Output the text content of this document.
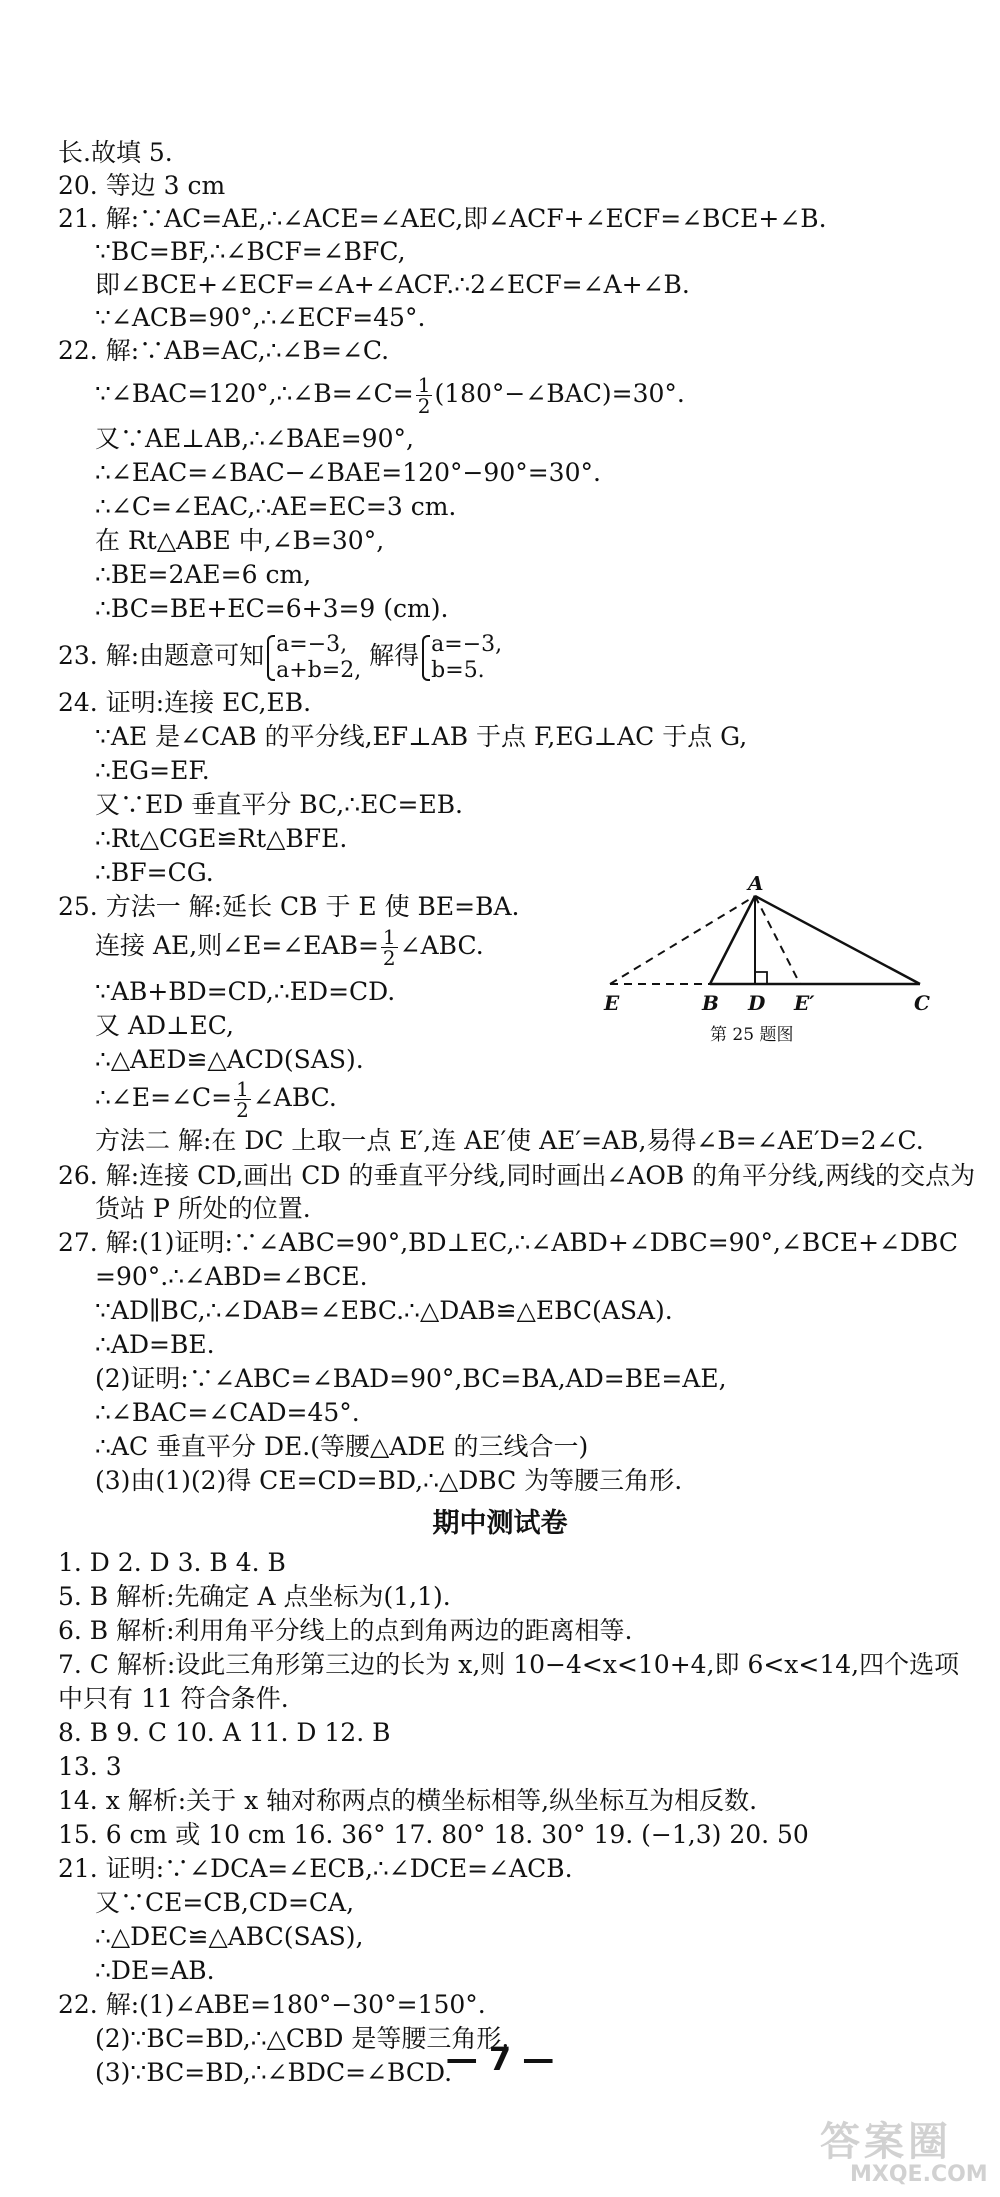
长.故填 5.
20. 等边 3 cm
21. 解:∵AC=AE,∴∠ACE=∠AEC,即∠ACF+∠ECF=∠BCE+∠B.
∵BC=BF,∴∠BCF=∠BFC,
即∠BCE+∠ECF=∠A+∠ACF.∴2∠ECF=∠A+∠B.
∵∠ACB=90°,∴∠ECF=45°.
22. 解:∵AB=AC,∴∠B=∠C.
∵∠BAC=120°,∴∠B=∠C= $\frac{1}{2}$ (180°−∠BAC)=30°.
又∵AE⊥AB,∴∠BAE=90°,
∴∠EAC=∠BAC−∠BAE=120°−90°=30°.
∴∠C=∠EAC,∴AE=EC=3 cm.
在 Rt△ABE 中,∠B=30°,
∴BE=2AE=6 cm,
∴BC=BE+EC=6+3=9 (cm).
23. 解:由题意可知 a=−3,
a+b=2, 解得 a=−3,
b=5.
24. 证明:连接 EC,EB.
∵AE 是∠CAB 的平分线,EF⊥AB 于点 F,EG⊥AC 于点 G,
∴EG=EF.
又∵ED 垂直平分 BC,∴EC=EB.
∴Rt△CGE≌Rt△BFE.
∴BF=CG.
25. 方法一 解:延长 CB 于 E 使 BE=BA.
连接 AE,则∠E=∠EAB= $\frac{1}{2}$ ∠ABC.
∵AB+BD=CD,∴ED=CD.
又 AD⊥EC,
∴△AED≌△ACD(SAS).
∴∠E=∠C= $\frac{1}{2}$ ∠ABC.
方法二 解:在 DC 上取一点 E′,连 AE′使 AE′=AB,易得∠B=∠AE′D=2∠C.
26. 解:连接 CD,画出 CD 的垂直平分线,同时画出∠AOB 的角平分线,两线的交点为
货站 P 所处的位置.
27. 解:(1)证明:∵∠ABC=90°,BD⊥EC,∴∠ABD+∠DBC=90°,∠BCE+∠DBC
=90°.∴∠ABD=∠BCE.
∵AD∥BC,∴∠DAB=∠EBC.∴△DAB≌△EBC(ASA).
∴AD=BE.
(2)证明:∵∠ABC=∠BAD=90°,BC=BA,AD=BE=AE,
∴∠BAC=∠CAD=45°.
∴AC 垂直平分 DE.(等腰△ADE 的三线合一)
(3)由(1)(2)得 CE=CD=BD,∴△DBC 为等腰三角形.
期中测试卷
1. D 2. D 3. B 4. B
5. B 解析:先确定 A 点坐标为(1,1).
6. B 解析:利用角平分线上的点到角两边的距离相等.
7. C 解析:设此三角形第三边的长为 x,则 10−4<x<10+4,即 6<x<14,四个选项
中只有 11 符合条件.
8. B 9. C 10. A 11. D 12. B
13. 3
14. x 解析:关于 x 轴对称两点的横坐标相等,纵坐标互为相反数.
15. 6 cm 或 10 cm 16. 36° 17. 80° 18. 30° 19. (−1,3) 20. 50
21. 证明:∵∠DCA=∠ECB,∴∠DCE=∠ACB.
又∵CE=CB,CD=CA,
∴△DEC≌△ABC(SAS),
∴DE=AB.
22. 解:(1)∠ABE=180°−30°=150°.
(2)∵BC=BD,∴△CBD 是等腰三角形.
(3)∵BC=BD,∴∠BDC=∠BCD.
A
E	B D E′	C
第 25 题图
— 7 —
答案圈
MXQE.COM
